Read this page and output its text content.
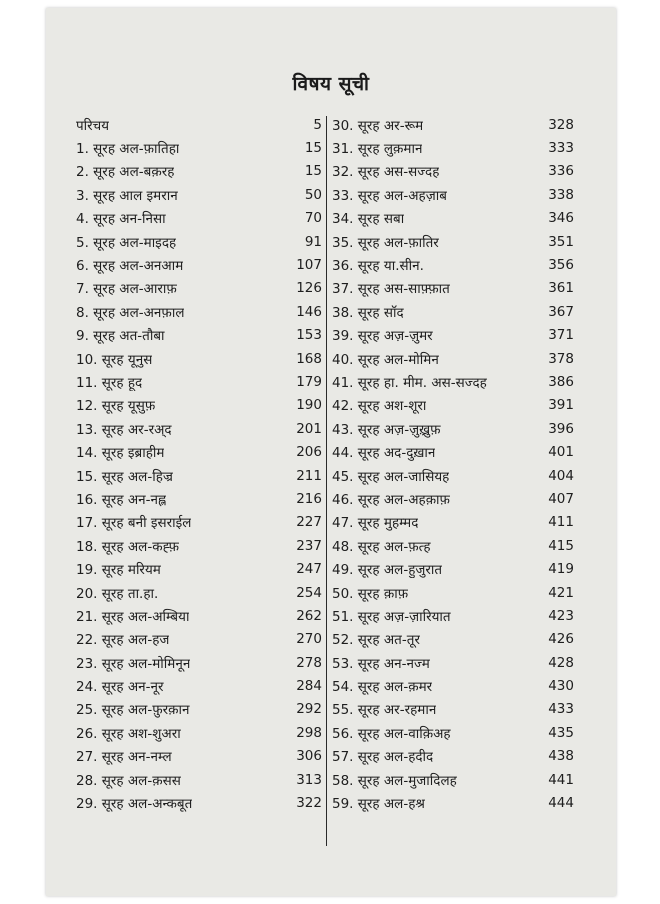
विषय सूची
परिचय	5
1. सूरह अल-फ़ातिहा	15
2. सूरह अल-बक़रह	15
3. सूरह आल इमरान	50
4. सूरह अन-निसा	70
5. सूरह अल-माइदह	91
6. सूरह अल-अनआम	107
7. सूरह अल-आराफ़	126
8. सूरह अल-अनफ़ाल	146
9. सूरह अत-तौबा	153
10. सूरह यूनुस	168
11. सूरह हूद	179
12. सूरह यूसुफ़	190
13. सूरह अर-रअ्द	201
14. सूरह इब्राहीम	206
15. सूरह अल-हिज्र	211
16. सूरह अन-नह्ल	216
17. सूरह बनी इसराईल	227
18. सूरह अल-कह्फ़	237
19. सूरह मरियम	247
20. सूरह ता.हा.	254
21. सूरह अल-अम्बिया	262
22. सूरह अल-हज	270
23. सूरह अल-मोमिनून	278
24. सूरह अन-नूर	284
25. सूरह अल-फ़ुरक़ान	292
26. सूरह अश-शुअरा	298
27. सूरह अन-नम्ल	306
28. सूरह अल-क़सस	313
29. सूरह अल-अन्कबूत	322
30. सूरह अर-रूम	328
31. सूरह लुक़मान	333
32. सूरह अस-सज्दह	336
33. सूरह अल-अहज़ाब	338
34. सूरह सबा	346
35. सूरह अल-फ़ातिर	351
36. सूरह या.सीन.	356
37. सूरह अस-साफ़्फ़ात	361
38. सूरह सॉद	367
39. सूरह अज़-ज़ुमर	371
40. सूरह अल-मोमिन	378
41. सूरह हा. मीम. अस-सज्दह	386
42. सूरह अश-शूरा	391
43. सूरह अज़-ज़ुख़्रुफ़	396
44. सूरह अद-दुख़ान	401
45. सूरह अल-जासियह	404
46. सूरह अल-अहक़ाफ़	407
47. सूरह मुहम्मद	411
48. सूरह अल-फ़त्ह	415
49. सूरह अल-हुजुरात	419
50. सूरह क़ाफ़	421
51. सूरह अज़-ज़ारियात	423
52. सूरह अत-तूर	426
53. सूरह अन-नज्म	428
54. सूरह अल-क़मर	430
55. सूरह अर-रहमान	433
56. सूरह अल-वाक़िअह	435
57. सूरह अल-हदीद	438
58. सूरह अल-मुजादिलह	441
59. सूरह अल-हश्र	444
